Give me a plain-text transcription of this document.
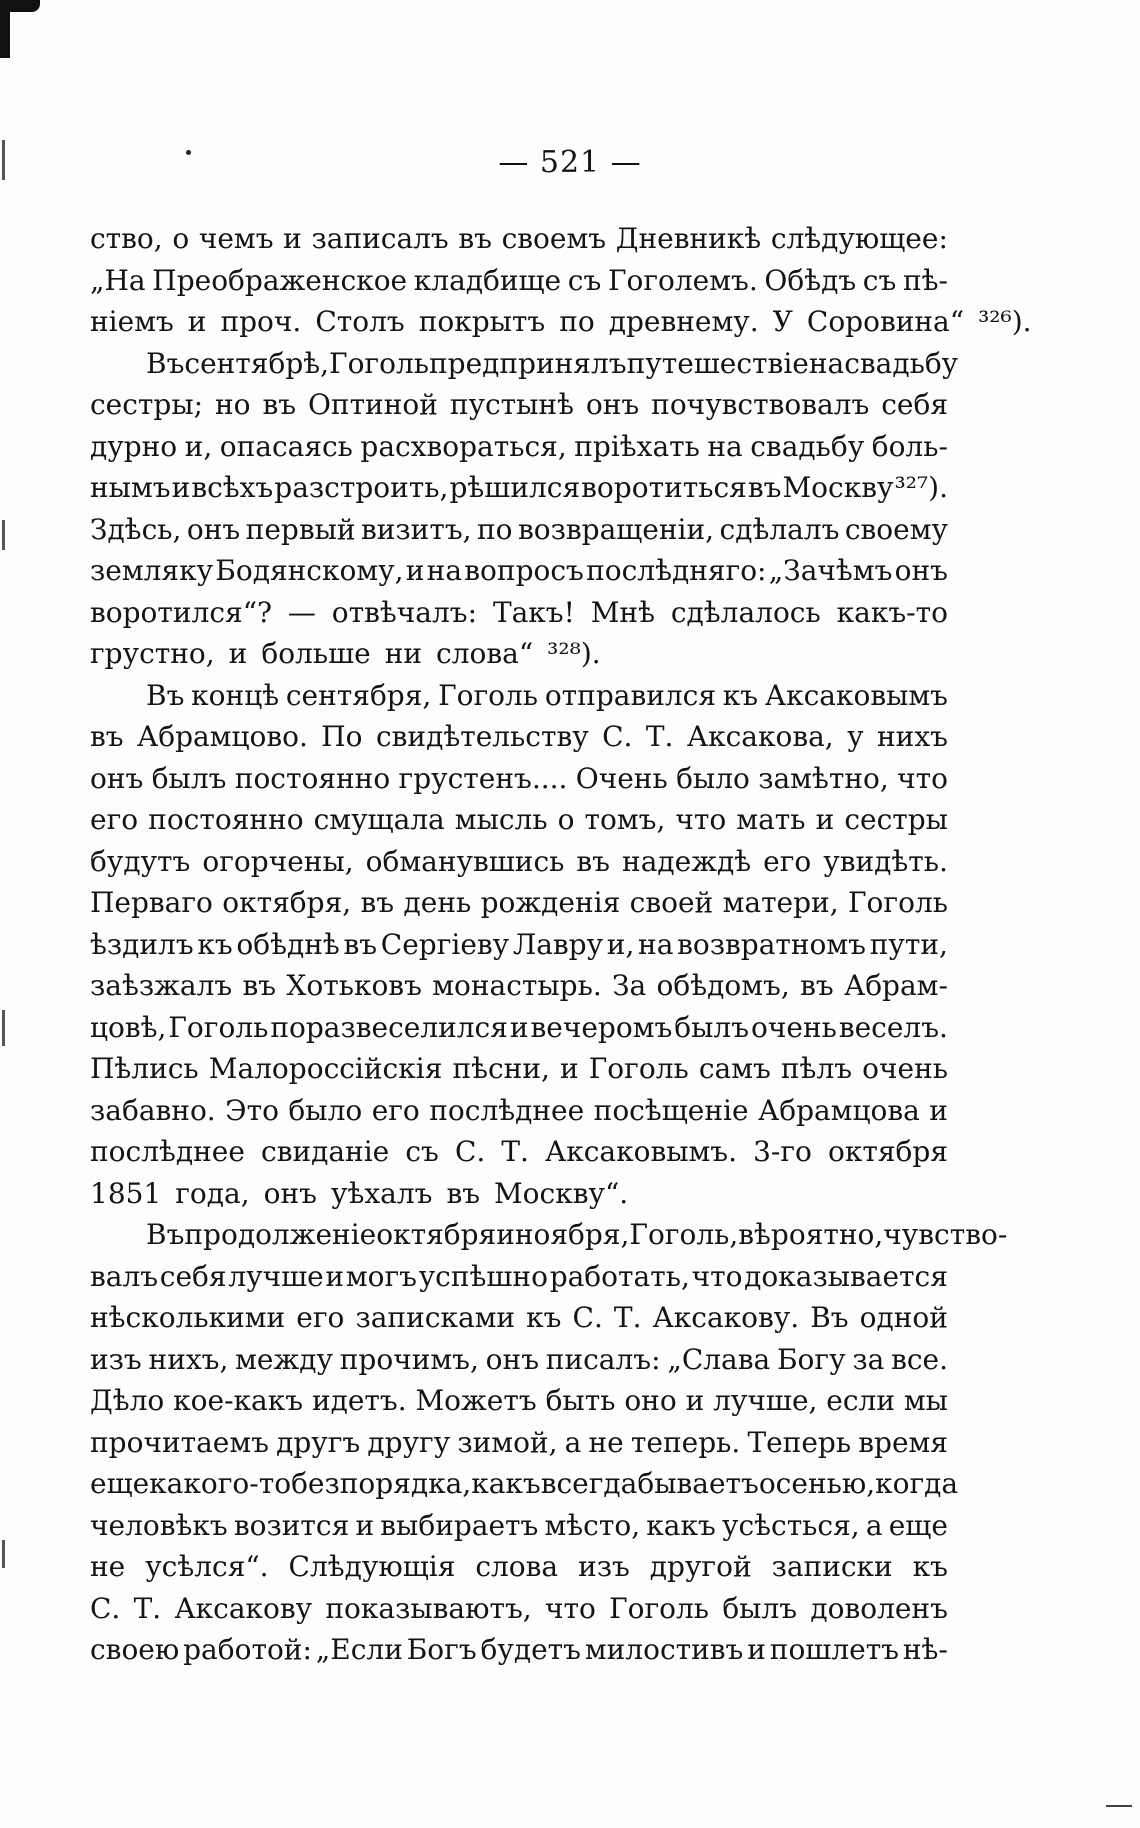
— 521 —
ство, о чемъ и записалъ въ своемъ Дневникѣ слѣдующее:
„На Преображенское кладбище съ Гоголемъ. Обѣдъ съ пѣ-
ніемъ и проч. Столъ покрытъ по древнему. У Соровина“ ³²⁶).
Въ сентябрѣ, Гоголь предпринялъ путешествіе на свадьбу
сестры; но въ Оптиной пустынѣ онъ почувствовалъ себя
дурно и, опасаясь расхвораться, пріѣхать на свадьбу боль-
нымъ и всѣхъ разстроить, рѣшился воротиться въ Москву ³²⁷).
Здѣсь, онъ первый визитъ, по возвращеніи, сдѣлалъ своему
земляку Бодянскому, и на вопросъ послѣдняго: „Зачѣмъ онъ
воротился“? — отвѣчалъ: Такъ! Мнѣ сдѣлалось какъ-то
грустно, и больше ни слова“ ³²⁸).
Въ концѣ сентября, Гоголь отправился къ Аксаковымъ
въ Абрамцово. По свидѣтельству С. Т. Аксакова, у нихъ
онъ былъ постоянно грустенъ.... Очень было замѣтно, что
его постоянно смущала мысль о томъ, что мать и сестры
будутъ огорчены, обманувшись въ надеждѣ его увидѣть.
Перваго октября, въ день рожденія своей матери, Гоголь
ѣздилъ къ обѣднѣ въ Сергіеву Лавру и, на возвратномъ пути,
заѣзжалъ въ Хотьковъ монастырь. За обѣдомъ, въ Абрам-
цовѣ, Гоголь поразвеселился и вечеромъ былъ очень веселъ.
Пѣлись Малороссійскія пѣсни, и Гоголь самъ пѣлъ очень
забавно. Это было его послѣднее посѣщеніе Абрамцова и
послѣднее свиданіе съ С. Т. Аксаковымъ. 3-го октября
1851 года, онъ уѣхалъ въ Москву“.
Въ продолженіе октября и ноября, Гоголь, вѣроятно, чувство-
валъ себя лучше и могъ успѣшно работать, что доказывается
нѣсколькими его записками къ С. Т. Аксакову. Въ одной
изъ нихъ, между прочимъ, онъ писалъ: „Слава Богу за все.
Дѣло кое-какъ идетъ. Можетъ быть оно и лучше, если мы
прочитаемъ другъ другу зимой, а не теперь. Теперь время
еще какого-то безпорядка, какъ всегда бываетъ осенью, когда
человѣкъ возится и выбираетъ мѣсто, какъ усѣсться, а еще
не усѣлся“. Слѣдующія слова изъ другой записки къ
С. Т. Аксакову показываютъ, что Гоголь былъ доволенъ
своею работой: „Если Богъ будетъ милостивъ и пошлетъ нѣ-
